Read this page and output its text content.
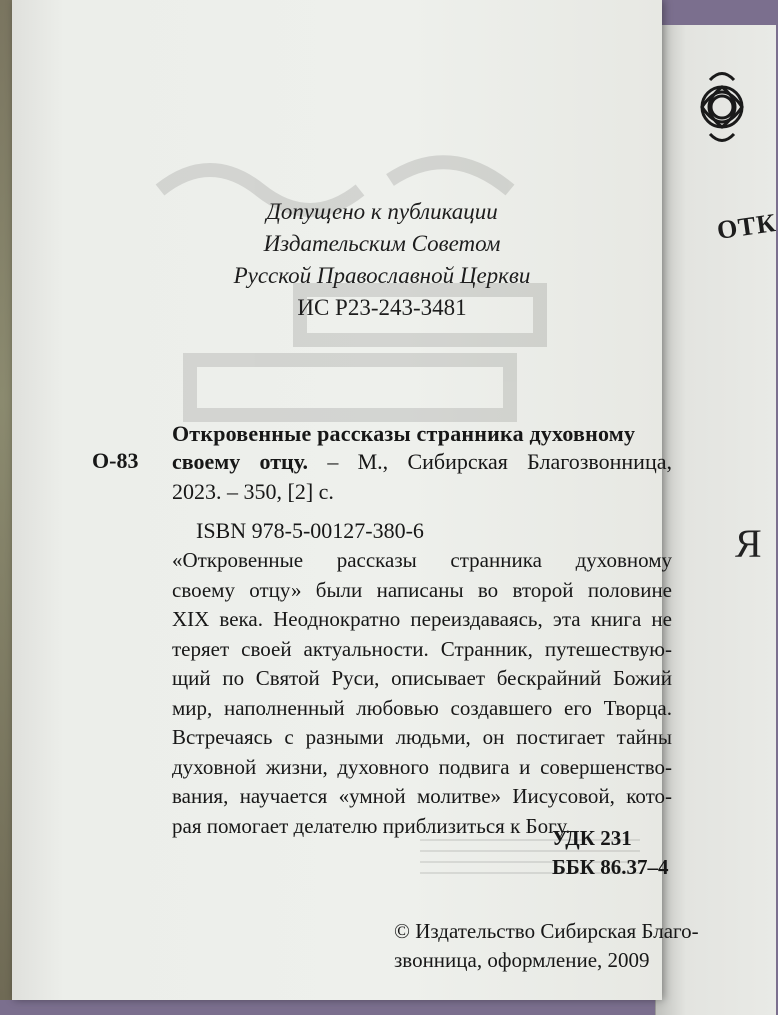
ОТК
Я
Допущено к публикации
Издательским Советом
Русской Православной Церкви
ИС Р23-243-3481
Откровенные рассказы странника духовному
О-83 своему отцу. – М., Сибирская Благозвонница,
2023. – 350, [2] с.
ISBN 978-5-00127-380-6
«Откровенные рассказы странника духовному
своему отцу» были написаны во второй половине
XIX века. Неоднократно переиздаваясь, эта книга не
теряет своей актуальности. Странник, путешествую-
щий по Святой Руси, описывает бескрайний Божий
мир, наполненный любовью создавшего его Творца.
Встречаясь с разными людьми, он постигает тайны
духовной жизни, духовного подвига и совершенство-
вания, научается «умной молитве» Иисусовой, кото-
рая помогает делателю приблизиться к Богу.
УДК 231
ББК 86.37–4
© Издательство Сибирская Благо-
звонница, оформление, 2009
